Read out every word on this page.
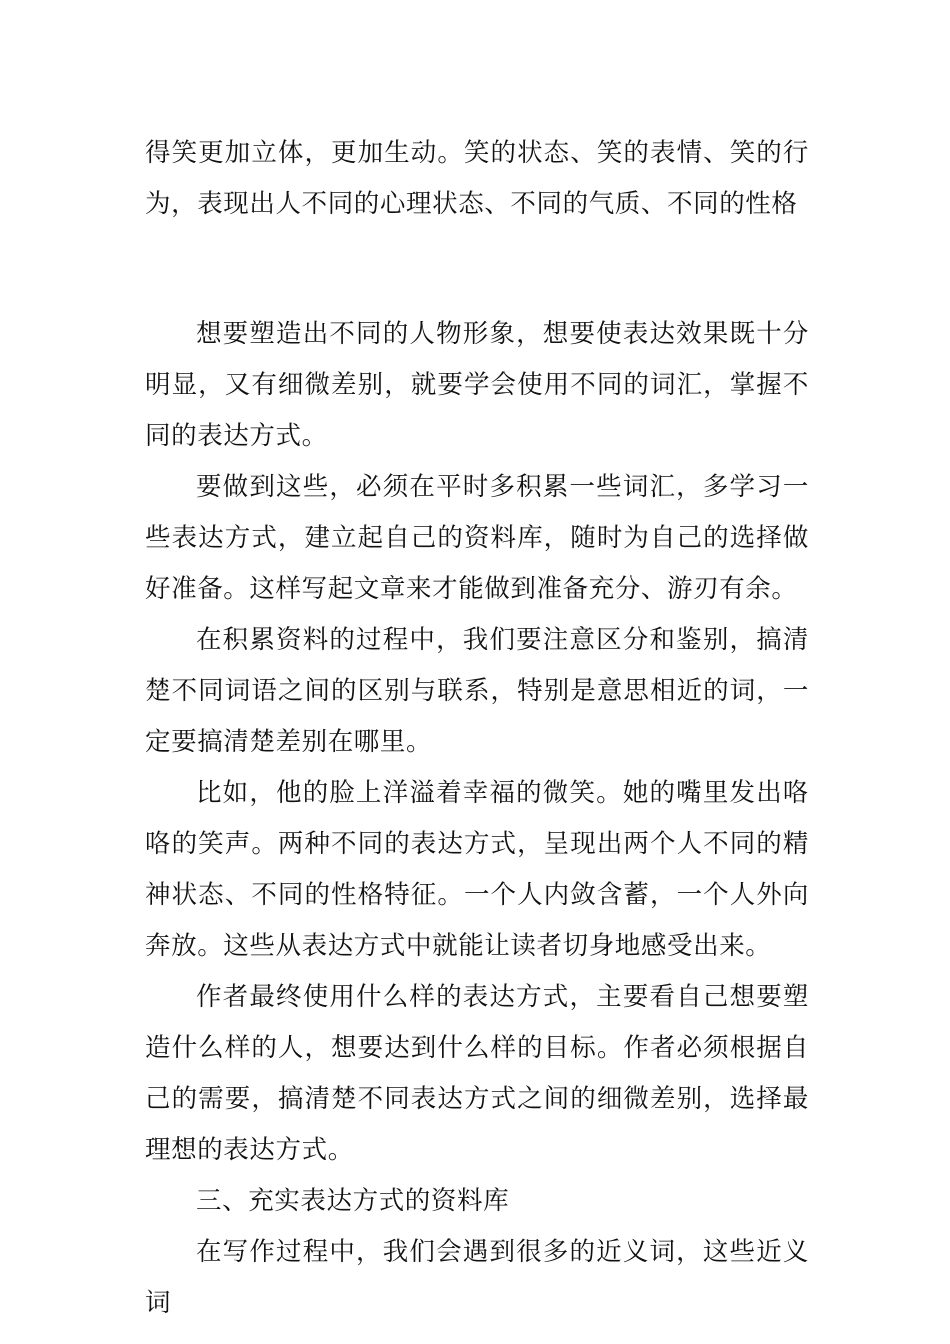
得笑更加立体，更加生动。笑的状态、笑的表情、笑的行为，表现出人不同的心理状态、不同的气质、不同的性格

想要塑造出不同的人物形象，想要使表达效果既十分明显，又有细微差别，就要学会使用不同的词汇，掌握不同的表达方式。

要做到这些，必须在平时多积累一些词汇，多学习一些表达方式，建立起自己的资料库，随时为自己的选择做好准备。这样写起文章来才能做到准备充分、游刃有余。

在积累资料的过程中，我们要注意区分和鉴别，搞清楚不同词语之间的区别与联系，特别是意思相近的词，一定要搞清楚差别在哪里。

比如，他的脸上洋溢着幸福的微笑。她的嘴里发出咯咯的笑声。两种不同的表达方式，呈现出两个人不同的精神状态、不同的性格特征。一个人内敛含蓄，一个人外向奔放。这些从表达方式中就能让读者切身地感受出来。

作者最终使用什么样的表达方式，主要看自己想要塑造什么样的人，想要达到什么样的目标。作者必须根据自己的需要，搞清楚不同表达方式之间的细微差别，选择最理想的表达方式。

三、充实表达方式的资料库

在写作过程中，我们会遇到很多的近义词，这些近义词
